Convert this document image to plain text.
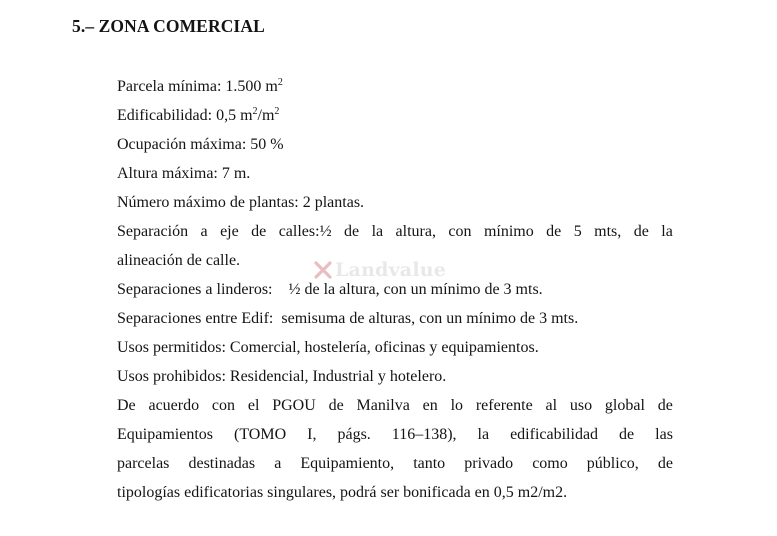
5.– ZONA COMERCIAL
Parcela mínima: 1.500 $m^2$
Edificabilidad: 0,5 $m^2/m^2$
Ocupación máxima: 50 %
Altura máxima: 7 m.
Número máximo de plantas: 2 plantas.
Separación a eje de calles:½ de la altura, con mínimo de 5 mts, de la
alineación de calle.
Separaciones a linderos: ½ de la altura, con un mínimo de 3 mts.
Separaciones entre Edif: semisuma de alturas, con un mínimo de 3 mts.
Usos permitidos: Comercial, hostelería, oficinas y equipamientos.
Usos prohibidos: Residencial, Industrial y hotelero.
De acuerdo con el PGOU de Manilva en lo referente al uso global de
Equipamientos (TOMO I, págs. 116–138), la edificabilidad de las
parcelas destinadas a Equipamiento, tanto privado como público, de
tipologías edificatorias singulares, podrá ser bonificada en 0,5 m2/m2.
Landvalue
